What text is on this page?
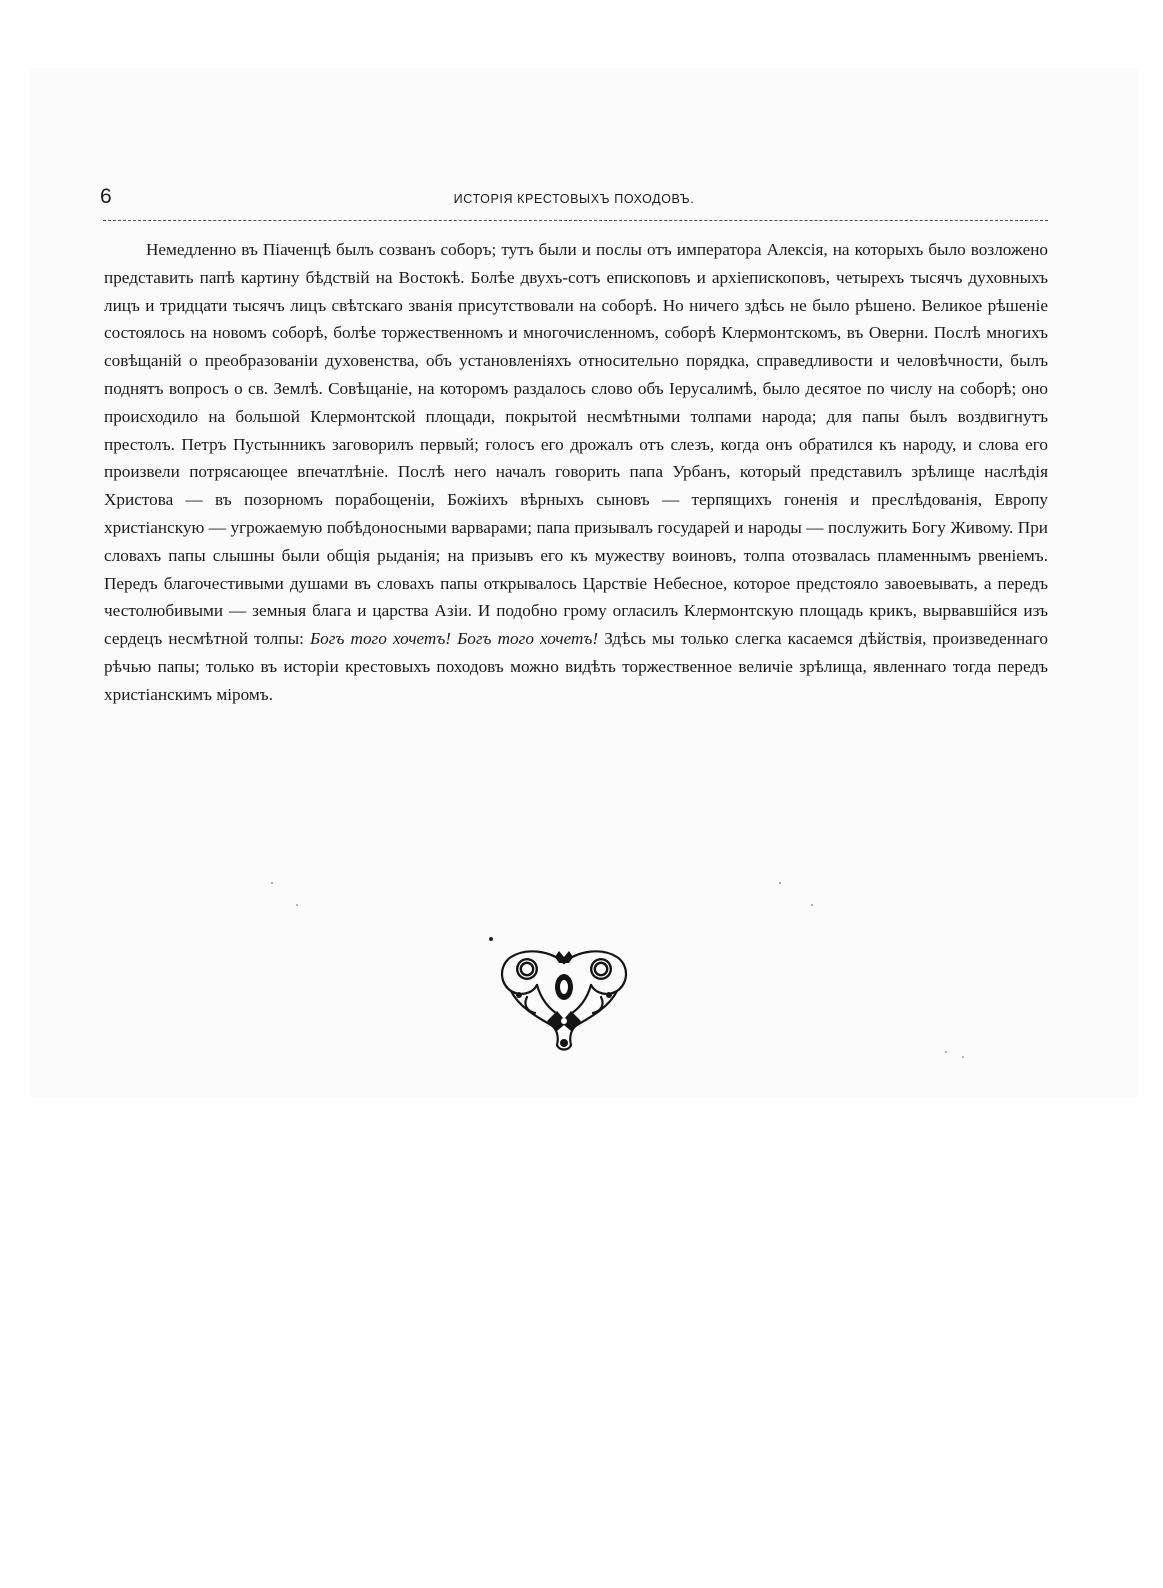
6	ИСТОРІЯ КРЕСТОВЫХЪ ПОХОДОВЪ.

Немедленно въ Піаченцѣ былъ созванъ соборъ; тутъ были и послы отъ императора Алексія, на которыхъ было возложено представить папѣ картину бѣдствій на Востокѣ. Болѣе двухъ-сотъ епископовъ и архіепископовъ, четырехъ тысячъ духовныхъ лицъ и тридцати тысячъ лицъ свѣтскаго званія присутствовали на соборѣ. Но ничего здѣсь не было рѣшено. Великое рѣшеніе состоялось на новомъ соборѣ, болѣе торжественномъ и многочисленномъ, соборѣ Клермонтскомъ, въ Оверни. Послѣ многихъ совѣщаній о преобразованіи духовенства, объ установленіяхъ относительно порядка, справедливости и человѣчности, былъ поднятъ вопросъ о св. Землѣ. Совѣщаніе, на которомъ раздалось слово объ Іерусалимѣ, было десятое по числу на соборѣ; оно происходило на большой Клермонтской площади, покрытой несмѣтными толпами народа; для папы былъ воздвигнутъ престолъ. Петръ Пустынникъ заговорилъ первый; голосъ его дрожалъ отъ слезъ, когда онъ обратился къ народу, и слова его произвели потрясающее впечатлѣніе. Послѣ него началъ говорить папа Урбанъ, который представилъ зрѣлище наслѣдія Христова — въ позорномъ порабощеніи, Божіихъ вѣрныхъ сыновъ — терпящихъ гоненія и преслѣдованія, Европу христіанскую — угрожаемую побѣдоносными варварами; папа призывалъ государей и народы — послужить Богу Живому. При словахъ папы слышны были общія рыданія; на призывъ его къ мужеству воиновъ, толпа отозвалась пламеннымъ рвеніемъ. Передъ благочестивыми душами въ словахъ папы открывалось Царствіе Небесное, которое предстояло завоевывать, а передъ честолюбивыми — земныя блага и царства Азіи. И подобно грому огласилъ Клермонтскую площадь крикъ, вырвавшійся изъ сердецъ несмѣтной толпы: Богъ того хочетъ! Богъ того хочетъ! Здѣсь мы только слегка касаемся дѣйствія, произведеннаго рѣчью папы; только въ исторіи крестовыхъ походовъ можно видѣть торжественное величіе зрѣлища, явленнаго тогда передъ христіанскимъ міромъ.
